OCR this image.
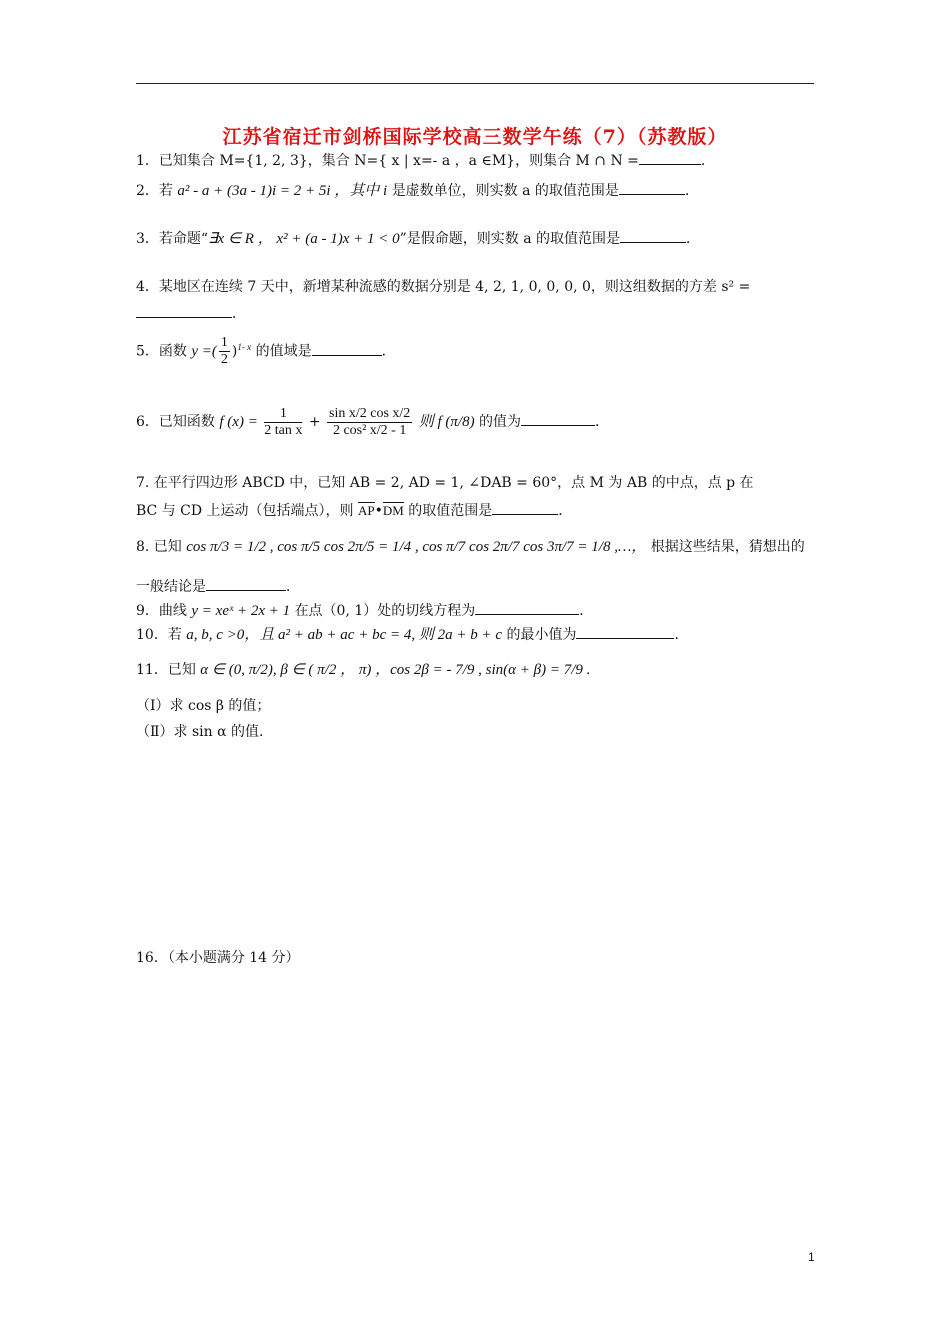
江苏省宿迁市剑桥国际学校高三数学午练（7）（苏教版）
1．已知集合 M={1, 2, 3}，集合 N={ x | x=- a ，a ∈M}，则集合 M ∩ N =	．
2．若 a² - a + (3a - 1)i = 2 + 5i ，其中 i 是虚数单位，则实数 a 的取值范围是	．
3．若命题“∃x ∈ R ， x² + (a - 1)x + 1 < 0”是假命题，则实数 a 的取值范围是	．
4．某地区在连续 7 天中，新增某种流感的数据分别是 4, 2, 1, 0, 0, 0, 0，则这组数据的方差 s² =
．
5．函数 y =( $\frac{1}{2} )^{1- x}$ 的值域是	．
6．已知函数 f $(x) = \frac{1}{\text{2 tan x}} + \frac{\text{sin x/2 cos x/2}}{\text{2 cos² x/2 - 1}}$ 则 f (π/8) 的值为	．
7. 在平行四边形 ABCD 中，已知 AB = 2, AD = 1, ∠DAB = 60°，点 M 为 AB 的中点，点 p 在
BC 与 CD 上运动（包括端点），则 AP•DM 的取值范围是	．
8. 已知 cos π/3 = 1/2 , cos π/5 cos 2π/5 = 1/4 , cos π/7 cos 2π/7 cos 3π/7 = 1/8 ,…， 根据这些结果，猜想出的
一般结论是	．
9．曲线 y = xeˣ + 2x + 1 在点（0, 1）处的切线方程为	．
10．若 a, b, c >0，且 a² + ab + ac + bc = 4, 则 2a + b + c 的最小值为	．
11．已知 α ∈ (0, π/2), β ∈ ( π/2 ， π) ，cos 2β = - 7/9 , sin(α + β) = 7/9 .
（Ⅰ）求 cos β 的值；
（Ⅱ）求 sin α 的值．
16．（本小题满分 14 分）
1
